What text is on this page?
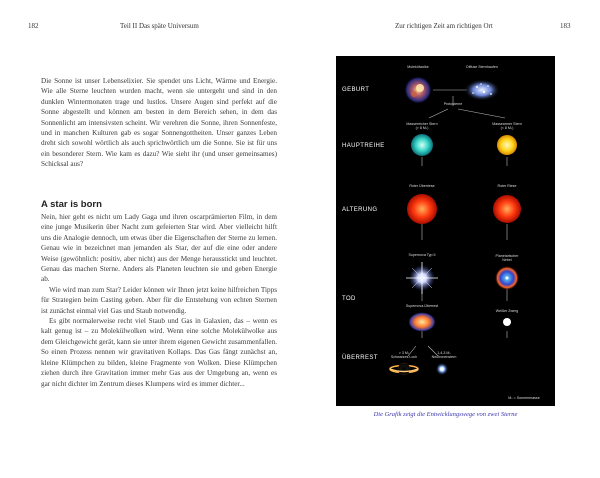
182	Teil II Das späte Universum	Zur richtigen Zeit am richtigen Ort	183

Die Sonne ist unser Lebenselixier. Sie spendet uns Licht, Wärme und Energie. Wie alle Sterne leuchten wurden macht, wenn sie untergeht und sind in den dunklen Wintermonaten trage und lustlos. Unsere Augen sind perfekt auf die Sonne abgestellt und können am besten in dem Bereich sehen, in dem das Sonnenlicht am intensivsten scheint. Wir verehren die Sonne, ihren Sonnenfeste, und in manchen Kulturen gab es sogar Sonnengottheiten. Unser ganzes Leben dreht sich sowohl wörtlich als auch sprichwörtlich um die Sonne. Sie ist für uns ein besonderer Stern. Wie kam es dazu? Wie sieht ihr (und unser gemeinsames) Schicksal aus?

A star is born

Nein, hier geht es nicht um Lady Gaga und ihren oscarprämierten Film, in dem eine junge Musikerin über Nacht zum gefeierten Star wird. Aber vielleicht hilft uns die Analogie dennoch, um etwas über die Eigenschaften der Sterne zu lernen. Genau wie in bezeichnet man jemanden als Star, der auf die eine oder andere Weise (gewöhnlich: positiv, aber nicht) aus der Menge herausstickt und leuchtet. Genau das machen Sterne. Anders als Planeten leuchten sie und geben Energie ab.

Wie wird man zum Star? Leider können wir Ihnen jetzt keine hilfreichen Tipps für Strategien beim Casting geben. Aber für die Entstehung von echten Sternen ist zunächst einmal viel Gas und Staub notwendig.

Es gibt normalerweise recht viel Staub und Gas in Galaxien, das – wenn es kalt genug ist – zu Molekülwolken wird. Wenn eine solche Molekülwolke aus dem Gleichgewicht gerät, kann sie unter ihrem eigenen Gewicht zusammenfallen. So einen Prozess nennen wir gravitativen Kollaps. Das Gas fängt zunächst an, kleine Klümpchen zu bilden, kleine Fragmente von Wolken. Diese Klümpchen ziehen durch ihre Gravitation immer mehr Gas aus der Umgebung an, wenn es gar nicht dichter im Zentrum dieses Klumpens wird es immer dichter...

GEBURT
HAUPTREIHE
ALTERUNG
TOD
ÜBERREST
Molekülwolke	Diffuse Sternhaufen
Protosterne
Massereicher Stern
(> 8 Mₛ)
Massearmer Stern
(< 8 Mₛ)
Roter Überriese	Roter Riese
Supernova Typ II	Planetarischer
Nebel
Supernova-Überrest
Weißer Zwerg
> 3 Mₛ
Schwarzes Loch
1,4-3 Mₛ
Neutronenstern
Mₛ = Sonnenmasse
Die Grafik zeigt die Entwicklungswege von zwei Sterne
